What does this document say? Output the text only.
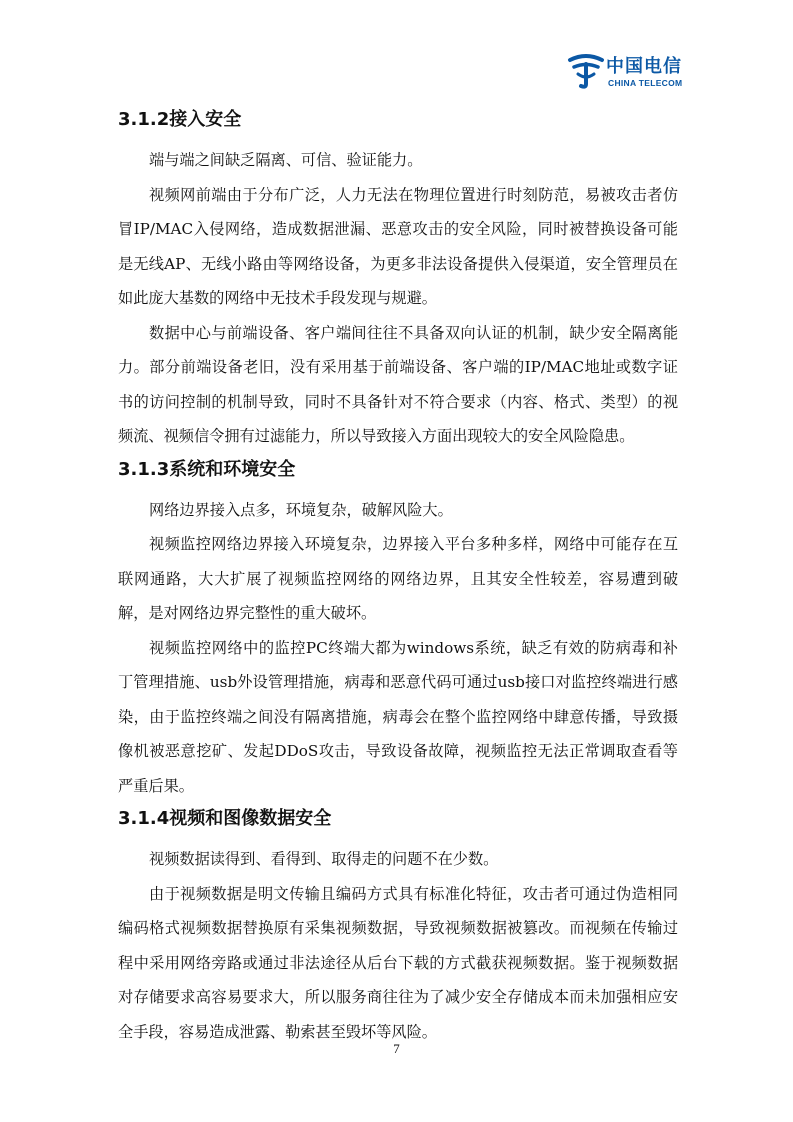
中国电信
CHINA TELECOM
3.1.2接入安全

端与端之间缺乏隔离、可信、验证能力。

视频网前端由于分布广泛，人力无法在物理位置进行时刻防范，易被攻击者仿冒IP/MAC入侵网络，造成数据泄漏、恶意攻击的安全风险，同时被替换设备可能是无线AP、无线小路由等网络设备，为更多非法设备提供入侵渠道，安全管理员在如此庞大基数的网络中无技术手段发现与规避。

数据中心与前端设备、客户端间往往不具备双向认证的机制，缺少安全隔离能力。部分前端设备老旧，没有采用基于前端设备、客户端的IP/MAC地址或数字证书的访问控制的机制导致，同时不具备针对不符合要求（内容、格式、类型）的视频流、视频信令拥有过滤能力，所以导致接入方面出现较大的安全风险隐患。

3.1.3系统和环境安全

网络边界接入点多，环境复杂，破解风险大。

视频监控网络边界接入环境复杂，边界接入平台多种多样，网络中可能存在互联网通路，大大扩展了视频监控网络的网络边界，且其安全性较差，容易遭到破解，是对网络边界完整性的重大破坏。

视频监控网络中的监控PC终端大都为windows系统，缺乏有效的防病毒和补丁管理措施、usb外设管理措施，病毒和恶意代码可通过usb接口对监控终端进行感染，由于监控终端之间没有隔离措施，病毒会在整个监控网络中肆意传播，导致摄像机被恶意挖矿、发起DDoS攻击，导致设备故障，视频监控无法正常调取查看等严重后果。

3.1.4视频和图像数据安全

视频数据读得到、看得到、取得走的问题不在少数。

由于视频数据是明文传输且编码方式具有标准化特征，攻击者可通过伪造相同编码格式视频数据替换原有采集视频数据，导致视频数据被篡改。而视频在传输过程中采用网络旁路或通过非法途径从后台下载的方式截获视频数据。鉴于视频数据对存储要求高容易要求大，所以服务商往往为了减少安全存储成本而未加强相应安全手段，容易造成泄露、勒索甚至毁坏等风险。

7
